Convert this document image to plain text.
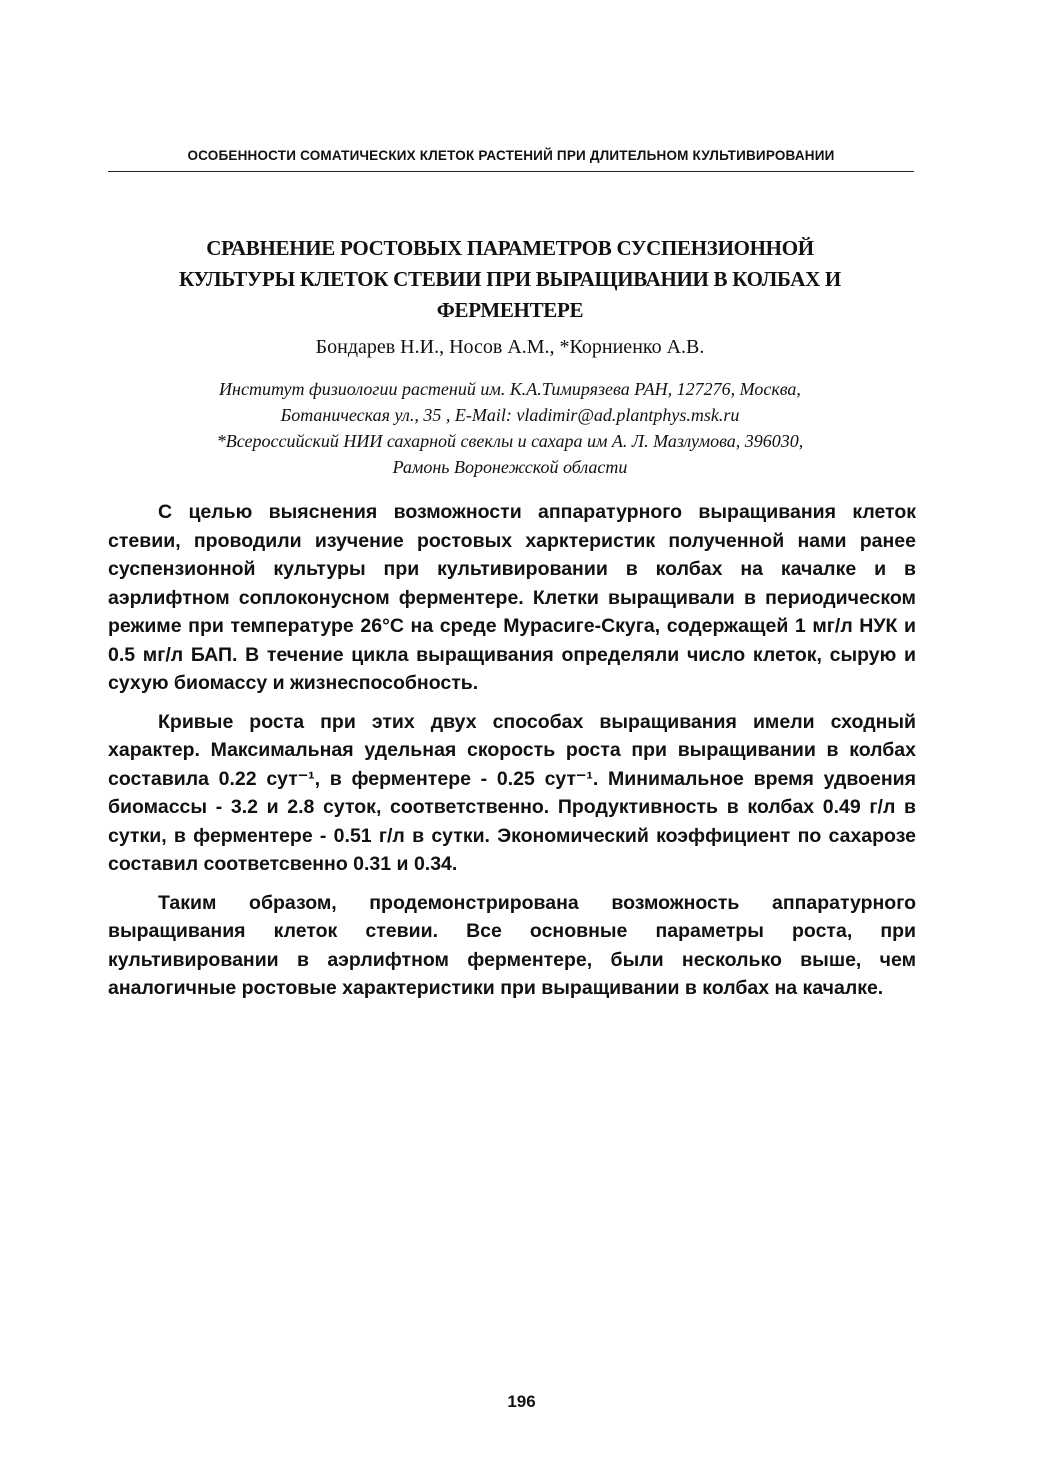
ОСОБЕННОСТИ СОМАТИЧЕСКИХ КЛЕТОК РАСТЕНИЙ ПРИ ДЛИТЕЛЬНОМ КУЛЬТИВИРОВАНИИ
СРАВНЕНИЕ РОСТОВЫХ ПАРАМЕТРОВ СУСПЕНЗИОННОЙ
КУЛЬТУРЫ КЛЕТОК СТЕВИИ ПРИ ВЫРАЩИВАНИИ В КОЛБАХ И
ФЕРМЕНТЕРЕ
Бондарев Н.И., Носов А.М., *Корниенко А.В.
Институт физиологии растений им. К.А.Тимирязева РАН, 127276, Москва,
Ботаническая ул., 35 , E-Mail: vladimir@ad.plantphys.msk.ru
*Всероссийский НИИ сахарной свеклы и сахара им А. Л. Мазлумова, 396030,
Рамонь Воронежской области

С целью выяснения возможности аппаратурного выращивания клеток стевии, проводили изучение ростовых харктеристик полученной нами ранее суспензионной культуры при культивировании в колбах на качалке и в аэрлифтном соплоконусном ферментере. Клетки выращивали в периодическом режиме при температуре 26°С на среде Мурасиге-Скуга, содержащей 1 мг/л НУК и 0.5 мг/л БАП. В течение цикла выращивания определяли число клеток, сырую и сухую биомассу и жизнеспособность.

Кривые роста при этих двух способах выращивания имели сходный характер. Максимальная удельная скорость роста при выращивании в колбах составила 0.22 сут⁻¹, в ферментере - 0.25 сут⁻¹. Минимальное время удвоения биомассы - 3.2 и 2.8 суток, соответственно. Продуктивность в колбах 0.49 г/л в сутки, в ферментере - 0.51 г/л в сутки. Экономический коэффициент по сахарозе составил соответсвенно 0.31 и 0.34.

Таким образом, продемонстрирована возможность аппаратурного выращивания клеток стевии. Все основные параметры роста, при культивировании в аэрлифтном ферментере, были несколько выше, чем аналогичные ростовые характеристики при выращивании в колбах на качалке.

196
